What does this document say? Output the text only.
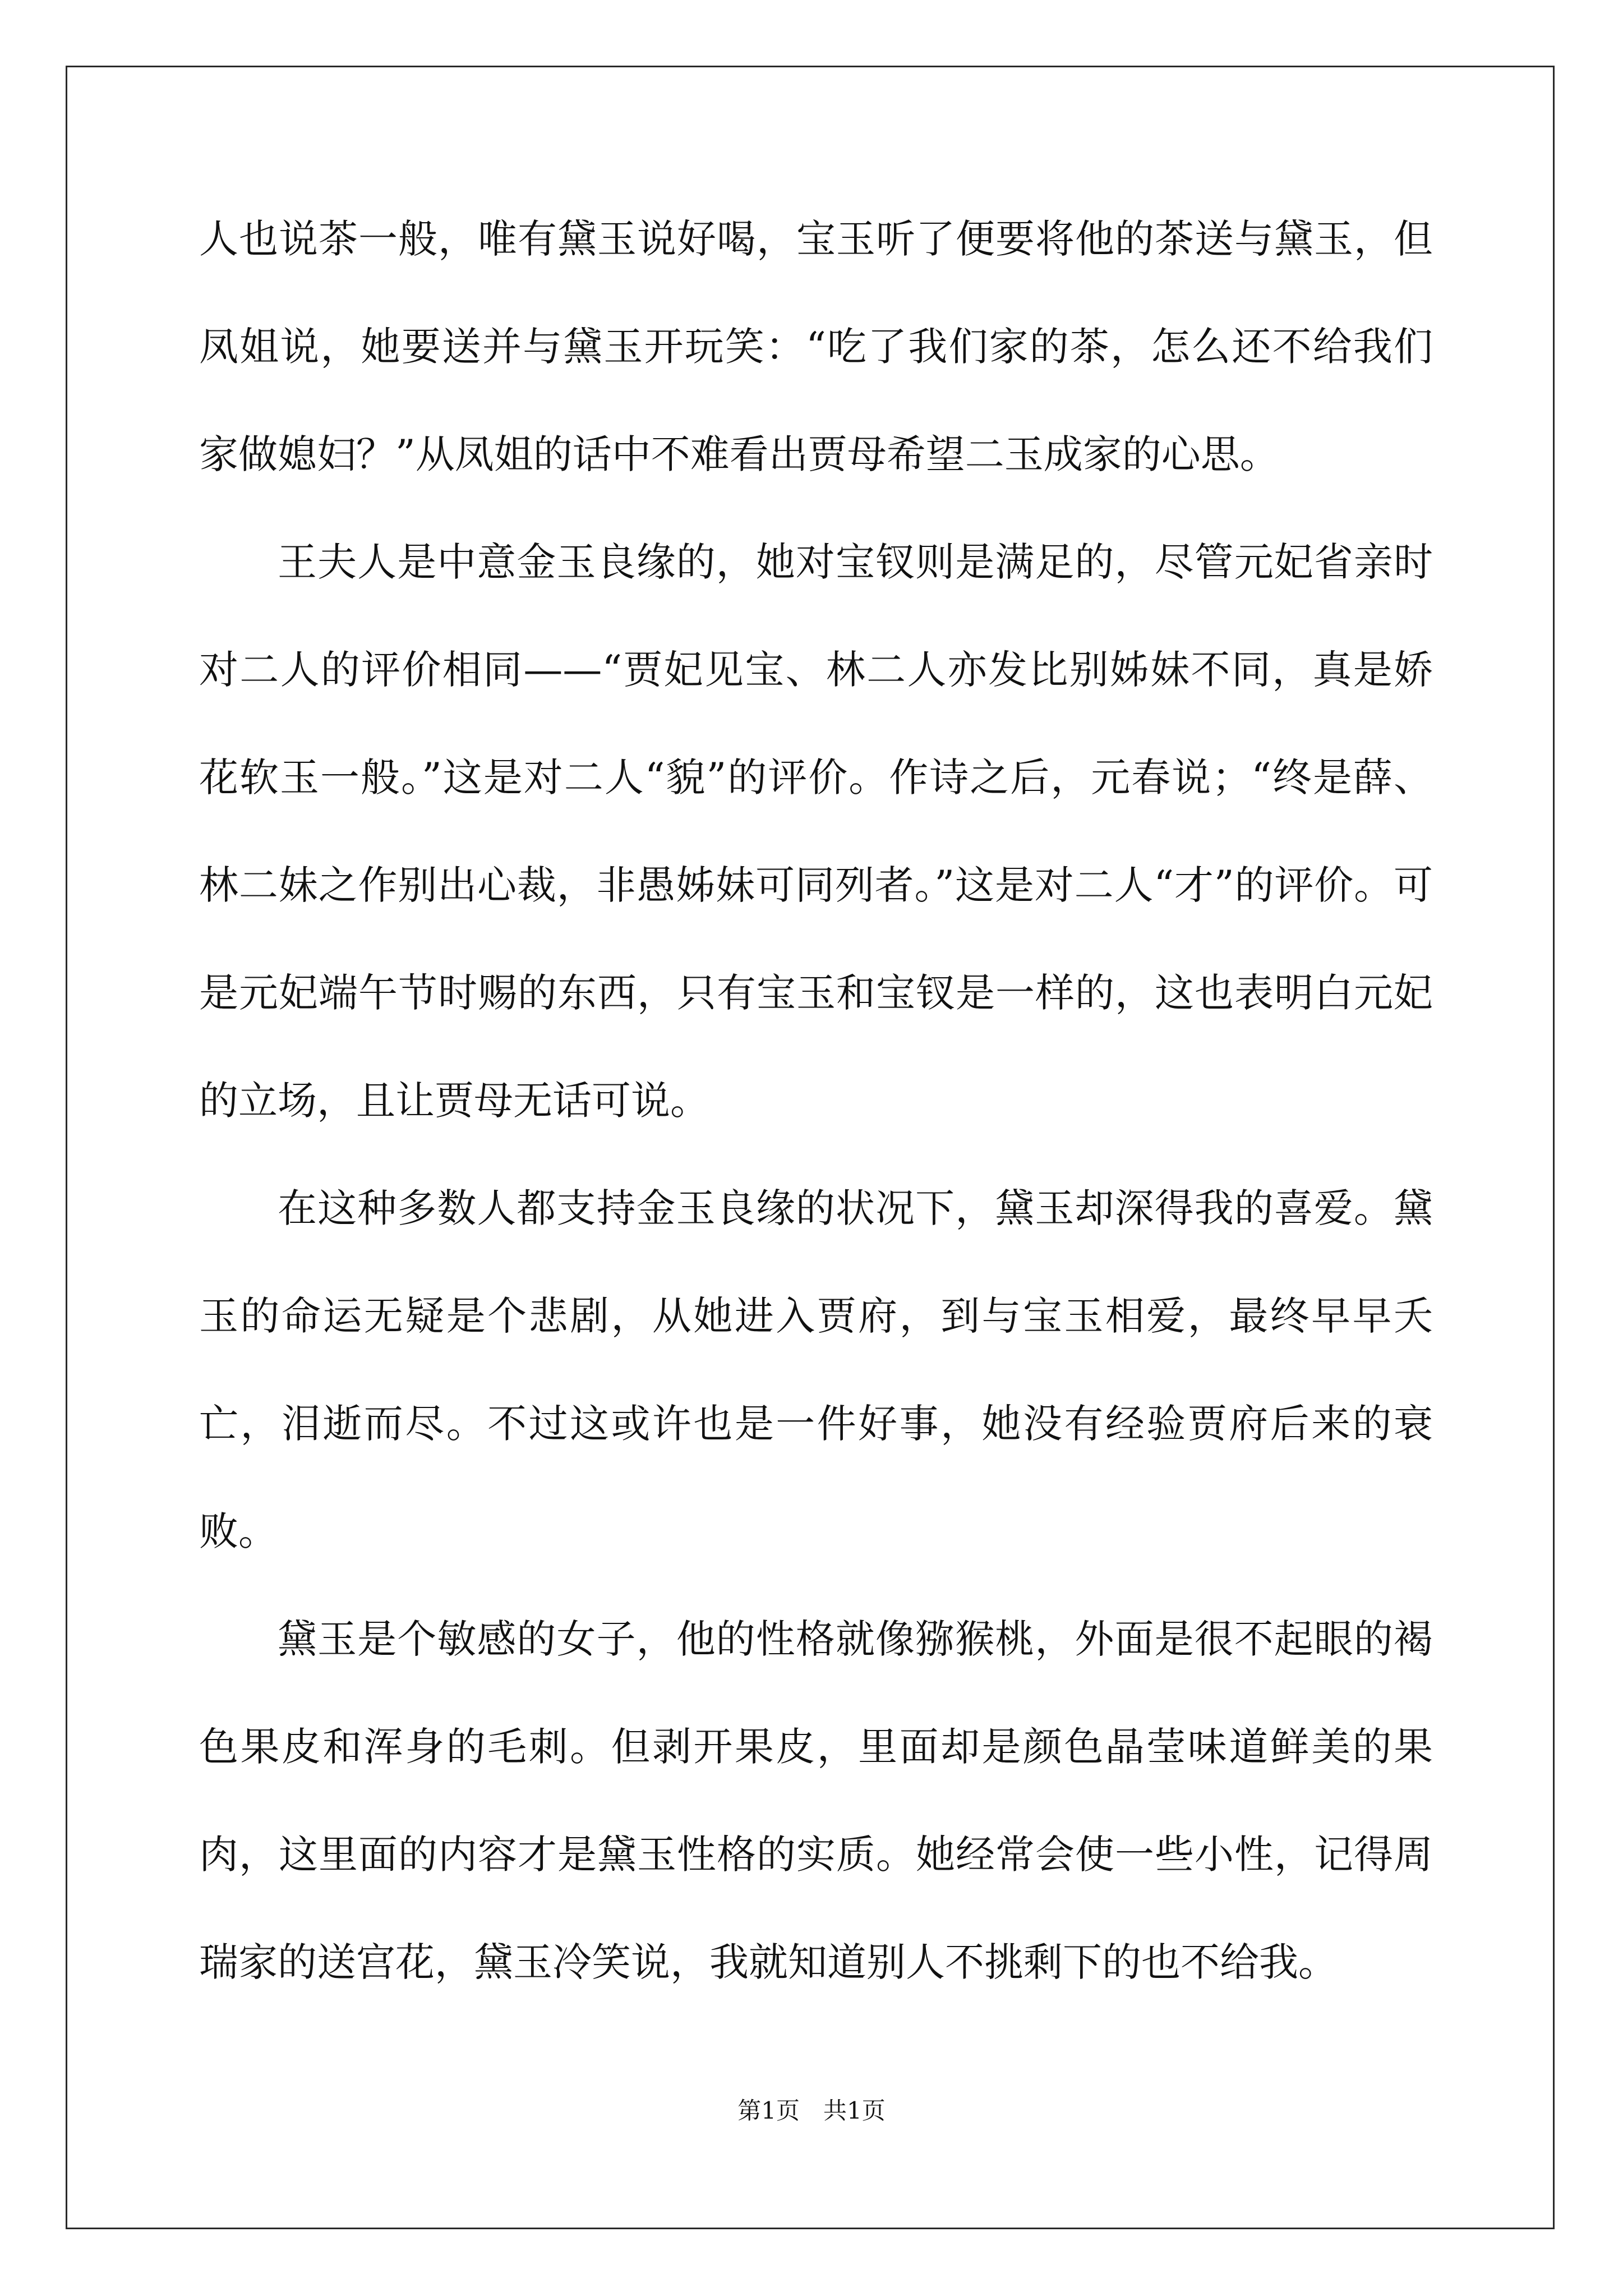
人也说茶一般，唯有黛玉说好喝，宝玉听了便要将他的茶送与黛玉，但凤姐说，她要送并与黛玉开玩笑：“吃了我们家的茶，怎么还不给我们家做媳妇？”从凤姐的话中不难看出贾母希望二玉成家的心思。

王夫人是中意金玉良缘的，她对宝钗则是满足的，尽管元妃省亲时对二人的评价相同——“贾妃见宝、林二人亦发比别姊妹不同，真是娇花软玉一般。”这是对二人“貌”的评价。作诗之后，元春说；“终是薛、林二妹之作别出心裁，非愚姊妹可同列者。”这是对二人“才”的评价。可是元妃端午节时赐的东西，只有宝玉和宝钗是一样的，这也表明白元妃的立场，且让贾母无话可说。

在这种多数人都支持金玉良缘的状况下，黛玉却深得我的喜爱。黛玉的命运无疑是个悲剧，从她进入贾府，到与宝玉相爱，最终早早夭亡，泪逝而尽。不过这或许也是一件好事，她没有经验贾府后来的衰败。

黛玉是个敏感的女子，他的性格就像猕猴桃，外面是很不起眼的褐色果皮和浑身的毛刺。但剥开果皮，里面却是颜色晶莹味道鲜美的果肉，这里面的内容才是黛玉性格的实质。她经常会使一些小性，记得周瑞家的送宫花，黛玉冷笑说，我就知道别人不挑剩下的也不给我。

第1页　共1页
